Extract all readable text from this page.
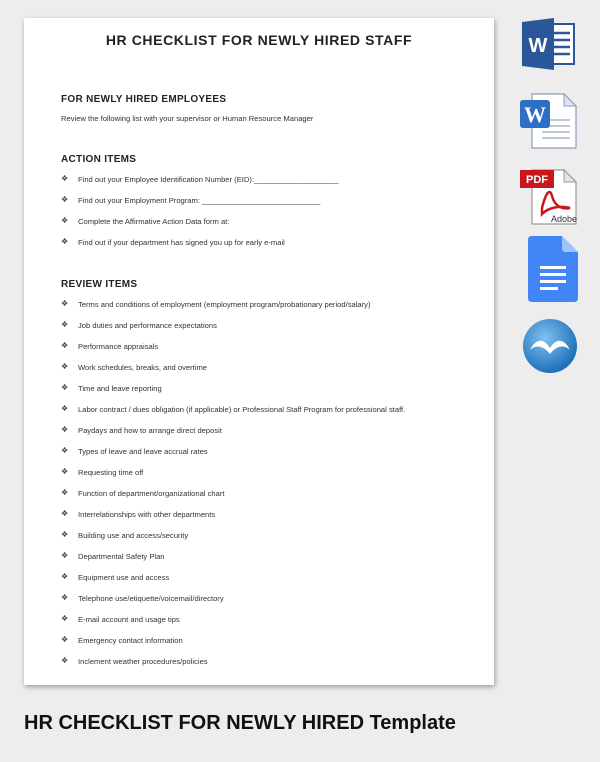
HR CHECKLIST FOR NEWLY HIRED STAFF
FOR NEWLY HIRED EMPLOYEES
Review the following list with your supervisor or Human Resource Manager
ACTION ITEMS
❖ Find out your Employee Identification Number (EID):____________________
❖ Find out your Employment Program: ____________________________
❖ Complete the Affirmative Action Data form at:
❖ Find out if your department has signed you up for early e-mail
REVIEW ITEMS
❖ Terms and conditions of employment (employment program/probationary period/salary)
❖ Job duties and performance expectations
❖ Performance appraisals
❖ Work schedules, breaks, and overtime
❖ Time and leave reporting
❖ Labor contract / dues obligation (if applicable) or Professional Staff Program for professional staff.
❖ Paydays and how to arrange direct deposit
❖ Types of leave and leave accrual rates
❖ Requesting time off
❖ Function of department/organizational chart
❖ Interrelationships with other departments
❖ Building use and access/security
❖ Departmental Safety Plan
❖ Equipment use and access
❖ Telephone use/etiquette/voicemail/directory
❖ E-mail account and usage tips
❖ Emergency contact information
❖ Inclement weather procedures/policies
HR CHECKLIST FOR NEWLY HIRED Template
W
W
PDF
Adobe
